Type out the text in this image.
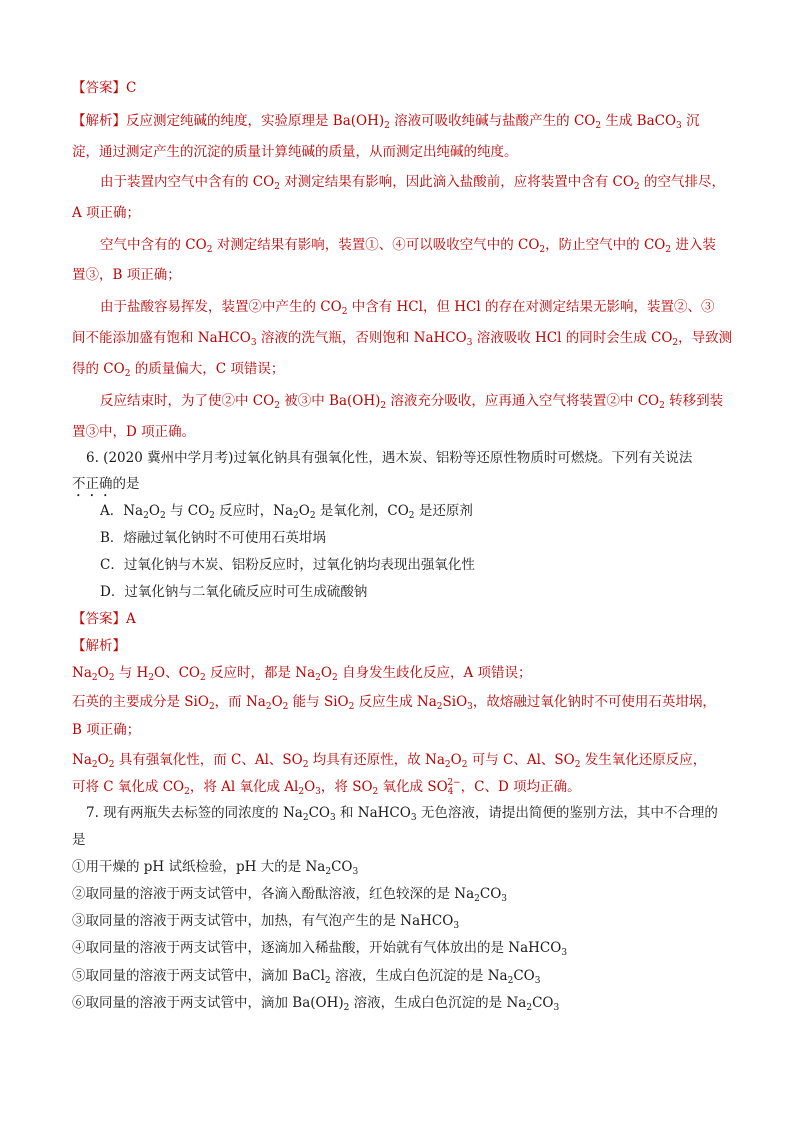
【答案】C
【解析】反应测定纯碱的纯度，实验原理是 $Ba(OH)_2$ 溶液可吸收纯碱与盐酸产生的 $CO_2$ 生成 BaCO$_3$ 沉
淀，通过测定产生的沉淀的质量计算纯碱的质量，从而测定出纯碱的纯度。
由于装置内空气中含有的 $CO_2$ 对测定结果有影响，因此滴入盐酸前，应将装置中含有 $CO_2$ 的空气排尽，
A 项正确；
空气中含有的 $CO_2$ 对测定结果有影响，装置①、④可以吸收空气中的 $CO_2$，防止空气中的 $CO_2$ 进入装
置③，B 项正确；
由于盐酸容易挥发，装置②中产生的 $CO_2$ 中含有 HCl，但 HCl 的存在对测定结果无影响，装置②、③
间不能添加盛有饱和 NaHCO$_3$ 溶液的洗气瓶，否则饱和 NaHCO$_3$ 溶液吸收 HCl 的同时会生成 $CO_2$，导致测
得的 $CO_2$ 的质量偏大，C 项错误；
反应结束时，为了使②中 $CO_2$ 被③中 $Ba(OH)_2$ 溶液充分吸收，应再通入空气将装置②中 $CO_2$ 转移到装
置③中，D 项正确。
6. (2020 冀州中学月考)过氧化钠具有强氧化性，遇木炭、铝粉等还原性物质时可燃烧。下列有关说法
不正确的是
A．$Na_2O_2$ 与 $CO_2$ 反应时，$Na_2O_2$ 是氧化剂，$CO_2$ 是还原剂
B．熔融过氧化钠时不可使用石英坩埚
C．过氧化钠与木炭、铝粉反应时，过氧化钠均表现出强氧化性
D．过氧化钠与二氧化硫反应时可生成硫酸钠
【答案】A
【解析】
$Na_2O_2$ 与 $H_2O$、$CO_2$ 反应时，都是 $Na_2O_2$ 自身发生歧化反应，A 项错误；
石英的主要成分是 SiO$_2$，而 $Na_2O_2$ 能与 SiO$_2$ 反应生成 $Na_2SiO_3$，故熔融过氧化钠时不可使用石英坩埚，
B 项正确；
$Na_2O_2$ 具有强氧化性，而 C、Al、$SO_2$ 均具有还原性，故 $Na_2O_2$ 可与 C、Al、$SO_2$ 发生氧化还原反应，
可将 C 氧化成 $CO_2$，将 Al 氧化成 $Al_2O_3$，将 $SO_2$ 氧化成 $SO_4^{2-}$，C、D 项均正确。
7. 现有两瓶失去标签的同浓度的 $Na_2CO_3$ 和 NaHCO$_3$ 无色溶液，请提出简便的鉴别方法，其中不合理的
是
①用干燥的 pH 试纸检验，pH 大的是 $Na_2CO_3$
②取同量的溶液于两支试管中，各滴入酚酞溶液，红色较深的是 $Na_2CO_3$
③取同量的溶液于两支试管中，加热，有气泡产生的是 NaHCO$_3$
④取同量的溶液于两支试管中，逐滴加入稀盐酸，开始就有气体放出的是 NaHCO$_3$
⑤取同量的溶液于两支试管中，滴加 BaCl$_2$ 溶液，生成白色沉淀的是 $Na_2CO_3$
⑥取同量的溶液于两支试管中，滴加 $Ba(OH)_2$ 溶液，生成白色沉淀的是 $Na_2CO_3$
